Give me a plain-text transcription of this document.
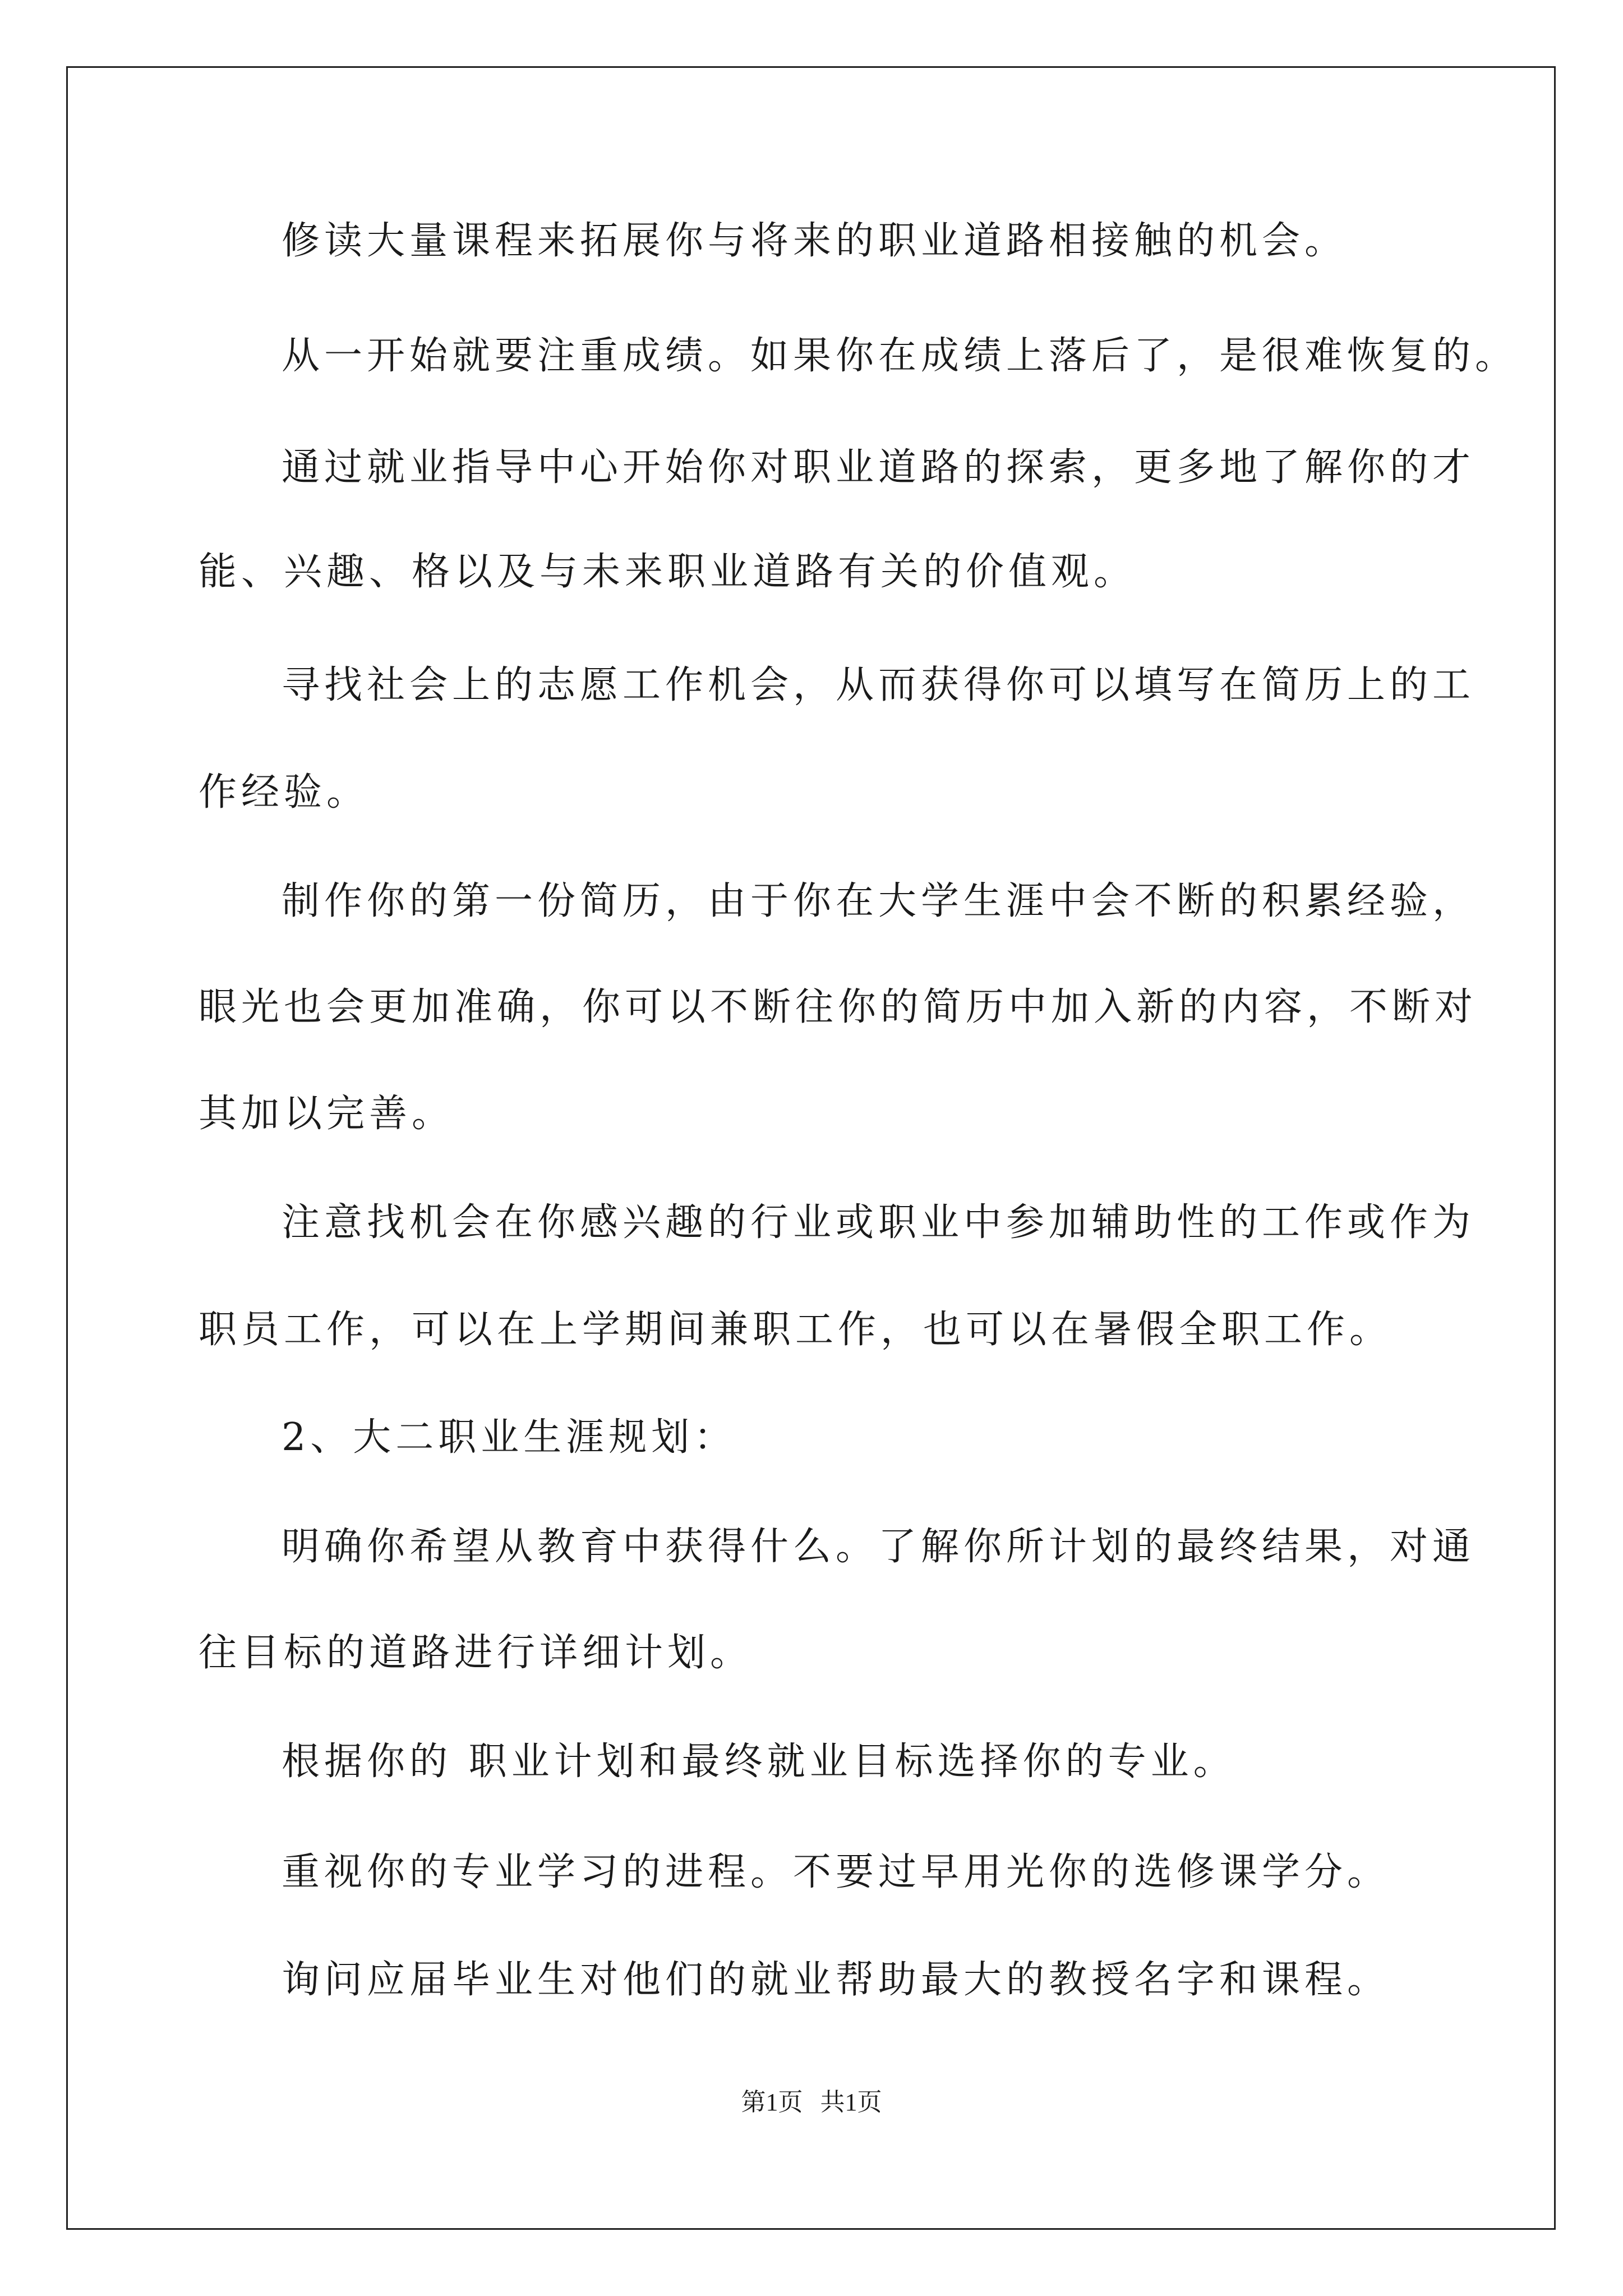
修读大量课程来拓展你与将来的职业道路相接触的机会。
从一开始就要注重成绩。如果你在成绩上落后了，是很难恢复的。
通过就业指导中心开始你对职业道路的探索，更多地了解你的才
能、兴趣、格以及与未来职业道路有关的价值观。
寻找社会上的志愿工作机会，从而获得你可以填写在简历上的工
作经验。
制作你的第一份简历，由于你在大学生涯中会不断的积累经验，
眼光也会更加准确，你可以不断往你的简历中加入新的内容，不断对
其加以完善。
注意找机会在你感兴趣的行业或职业中参加辅助性的工作或作为
职员工作，可以在上学期间兼职工作，也可以在暑假全职工作。
2、大二职业生涯规划：
明确你希望从教育中获得什么。了解你所计划的最终结果，对通
往目标的道路进行详细计划。
根据你的 职业计划和最终就业目标选择你的专业。
重视你的专业学习的进程。不要过早用光你的选修课学分。
询问应届毕业生对他们的就业帮助最大的教授名字和课程。
第1页 共1页
